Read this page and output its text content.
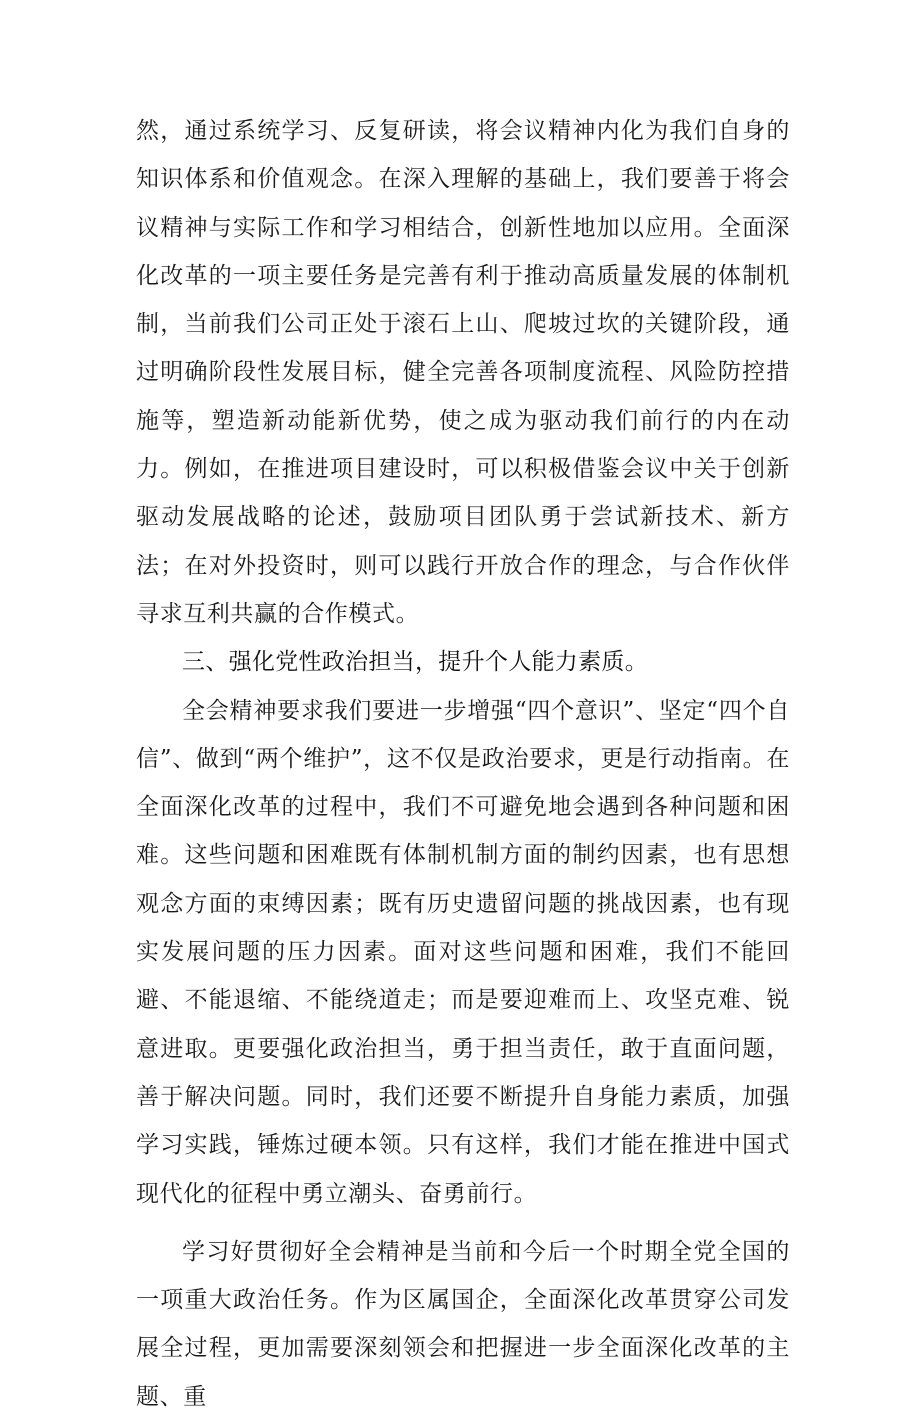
然，通过系统学习、反复研读，将会议精神内化为我们自身的知识体系和价值观念。在深入理解的基础上，我们要善于将会议精神与实际工作和学习相结合，创新性地加以应用。全面深化改革的一项主要任务是完善有利于推动高质量发展的体制机制，当前我们公司正处于滚石上山、爬坡过坎的关键阶段，通过明确阶段性发展目标，健全完善各项制度流程、风险防控措施等，塑造新动能新优势，使之成为驱动我们前行的内在动力。例如，在推进项目建设时，可以积极借鉴会议中关于创新驱动发展战略的论述，鼓励项目团队勇于尝试新技术、新方法；在对外投资时，则可以践行开放合作的理念，与合作伙伴寻求互利共赢的合作模式。

三、强化党性政治担当，提升个人能力素质。

全会精神要求我们要进一步增强“四个意识”、坚定“四个自信”、做到“两个维护”，这不仅是政治要求，更是行动指南。在全面深化改革的过程中，我们不可避免地会遇到各种问题和困难。这些问题和困难既有体制机制方面的制约因素，也有思想观念方面的束缚因素；既有历史遗留问题的挑战因素，也有现实发展问题的压力因素。面对这些问题和困难，我们不能回避、不能退缩、不能绕道走；而是要迎难而上、攻坚克难、锐意进取。更要强化政治担当，勇于担当责任，敢于直面问题，善于解决问题。同时，我们还要不断提升自身能力素质，加强学习实践，锤炼过硬本领。只有这样，我们才能在推进中国式现代化的征程中勇立潮头、奋勇前行。

学习好贯彻好全会精神是当前和今后一个时期全党全国的一项重大政治任务。作为区属国企，全面深化改革贯穿公司发展全过程，更加需要深刻领会和把握进一步全面深化改革的主题、重
